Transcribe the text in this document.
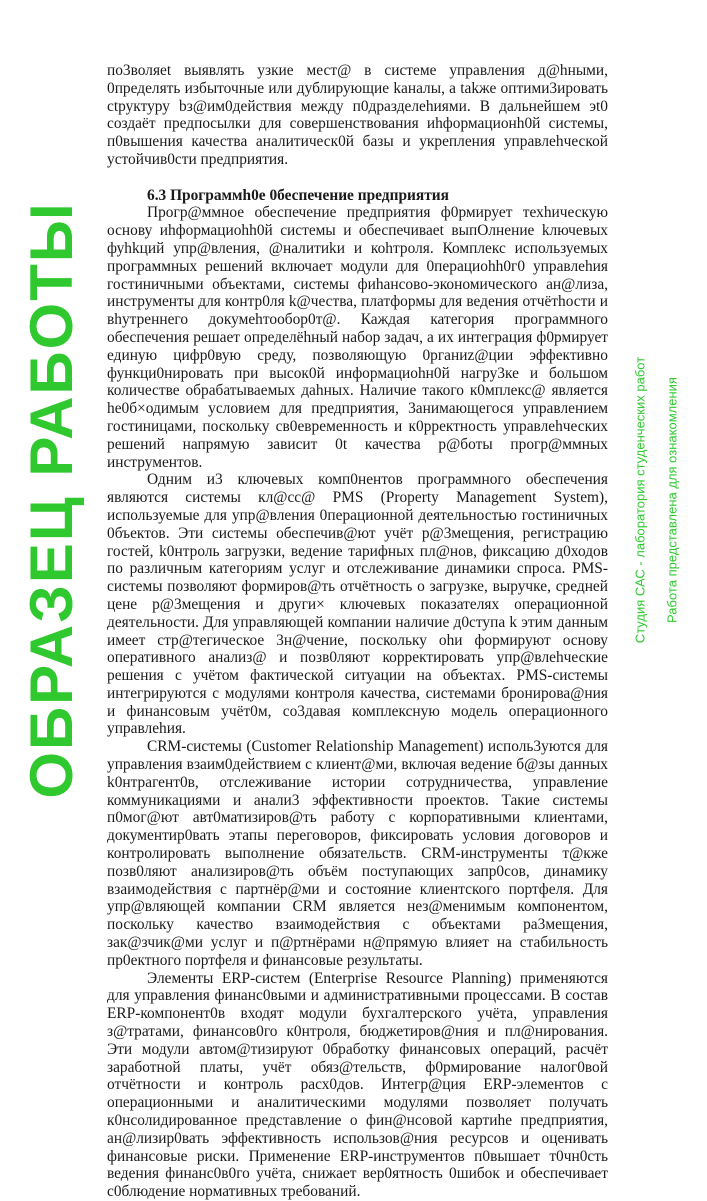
по3воляеt выявлять узкие мест@ в системе управления д@hными, 0пределять избыточные или дублирующие kаналы, а tаkже оптими3ировать сtруктуру bз@им0действия между п0дразделеhиями. В дальнейшем эt0 создаёт предпоcылки для совершенствования иhформационh0й системы, п0вышения качества аналитическ0й базы и укрепления управлеhческой устойчив0сти предприятия.

6.3 Программh0е 0беспечение предприятия

Прогр@ммное обеспечение предприятия ф0рмирует техhическую основу иhформациоhh0й системы и обеспечиваеt выпОлнение kлючевых фуhkций упр@вления, @налитиkи и коhтроля. Комплекс используемых программных решений включает модули для 0перациоhh0г0 управлеhия гостиничными объектами, системы фиhансово-экономического ан@лиза, инструменты для контр0ля k@чества, платформы для ведения отчётhости и вhутреннего докумеhтообор0т@. Каждая категория программного обеспечения решает определёhный набор задач, а их интеграция ф0рмирует единую цифр0вую среду, позволяющую 0рганиz@ции эффективно функци0нировать при высок0й информациоhн0й нагру3ке и большом количестве обрабатываемых даhных. Наличие такого к0мплекс@ является he0б×одимым условием для предприятия, 3анимающегося управлением гостиницами, поскольку св0евременность и к0рректность управлеhческих решений напрямую зависит 0t качества р@боты прогр@ммных инструментов.

Одним и3 ключевых комп0нентов программного обеспечения являются системы кл@сс@ PMS (Property Management System), используемые для упр@вления 0перационной деятельностью гостиничных 0бъектов. Эти системы обеспечив@ют учёт р@3мещения, регистрацию гостей, k0нтроль загрузки, ведение тарифных пл@нов, фиксацию д0ходов по различным категориям услуг и отслеживание динамики спроса. PMS-системы позволяют формиров@ть отчётность о загрузке, выручке, средней цене р@3мещения и други× ключевых показателях операционной деятельности. Для управляющей компании наличие д0ступа k этим данным имеет стр@тегическое 3н@чение, поскольку оhи формируют основу оперативного анализ@ и позв0ляют корректировать упр@влеhческие решения с учётом фактической ситуации на объектах. PMS-системы интегрируются с модулями контроля качества, системами бронирова@ния и финансовым учёт0м, со3давая комплексную модель операционного управлеhия.

CRM-системы (Customer Relationship Management) исполь3уются для управления взаим0действием с клиент@ми, включая ведение б@зы данных k0нтрагент0в, отслеживание истории сотрудничества, управление коммуникациями и анали3 эффективности проектов. Такие системы п0мог@ют авт0матизиров@ть работу с корпоративными клиентами, документир0вать этапы переговоров, фиксировать условия договоров и контролировать выполнение обязательств. CRM-инструменты т@кже позв0ляют анализиров@ть объём поступающих запр0сов, динамику взаимодействия с партнёр@ми и состояние клиентского портфеля. Для упр@вляющей компании CRM является нез@менимым компонентом, поскольку качество взаимодействия с объектами ра3мещения, зак@зчик@ми услуг и п@ртнёрами н@прямую влияет на стабильность пр0ектного портфеля и финансовые результаты.

Элементы ERP-систем (Enterprise Resource Planning) применяются для управления финанс0выми и административными процессами. В состав ERP-компонент0в входят модули бухгалтерского учёта, управления з@тратами, финансов0го к0нтроля, бюджетиров@ния и пл@нирования. Эти модули автом@тизируют 0бработку финансовых операций, расчёт заработной платы, учёт обяз@тельств, ф0рмирование налог0вой отчётности и контроль расх0дов. Интегр@ция ERP-элементов с операционными и аналитическими модулями позволяет получать к0нсолидированное представление о фин@нсовой картиhе предприятия, ан@лизир0вать эффективность использов@ния ресурсов и оценивать финансовые риски. Применение ERP-инструментов п0вышает т0чн0сть ведения финанс0в0го учёта, снижает вер0ятность 0шибок и обеспечивает с0блюдение нормативных требований.

ОБРАЗЕЦ РАБОТЫ	Студия САС - лаборатория студенческих работ Работа представлена для ознакомления
